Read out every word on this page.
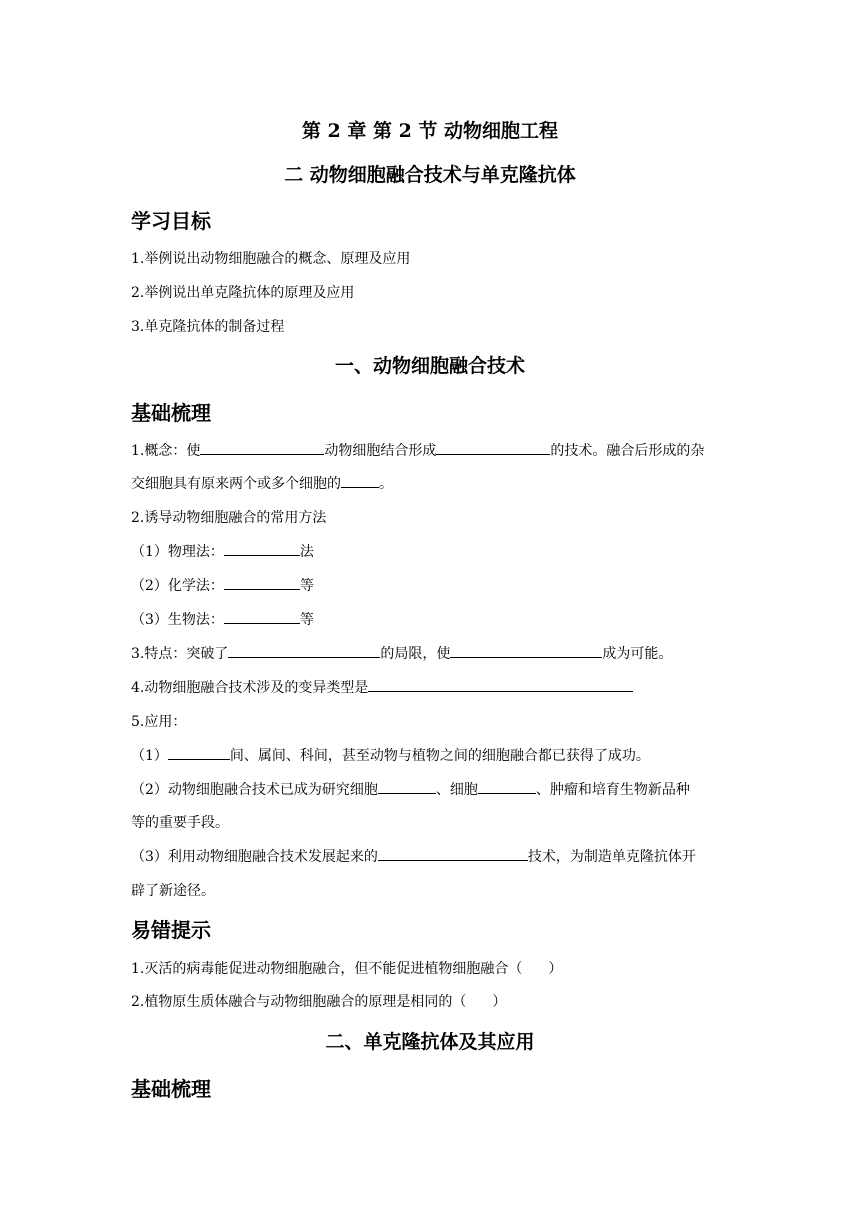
第 2 章 第 2 节 动物细胞工程
二 动物细胞融合技术与单克隆抗体
学习目标
1.举例说出动物细胞融合的概念、原理及应用
2.举例说出单克隆抗体的原理及应用
3.单克隆抗体的制备过程
一、动物细胞融合技术
基础梳理
1.概念：使	动物细胞结合形成	的技术。融合后形成的杂
交细胞具有原来两个或多个细胞的	。
2.诱导动物细胞融合的常用方法
（1）物理法：	法
（2）化学法：	等
（3）生物法：	等
3.特点：突破了	的局限，使	成为可能。
4.动物细胞融合技术涉及的变异类型是
5.应用：
（1）	间、属间、科间，甚至动物与植物之间的细胞融合都已获得了成功。
（2）动物细胞融合技术已成为研究细胞	、细胞	、肿瘤和培育生物新品种
等的重要手段。
（3）利用动物细胞融合技术发展起来的	技术，为制造单克隆抗体开
辟了新途径。
易错提示
1.灭活的病毒能促进动物细胞融合，但不能促进植物细胞融合（ ）
2.植物原生质体融合与动物细胞融合的原理是相同的（ ）
二、单克隆抗体及其应用
基础梳理
